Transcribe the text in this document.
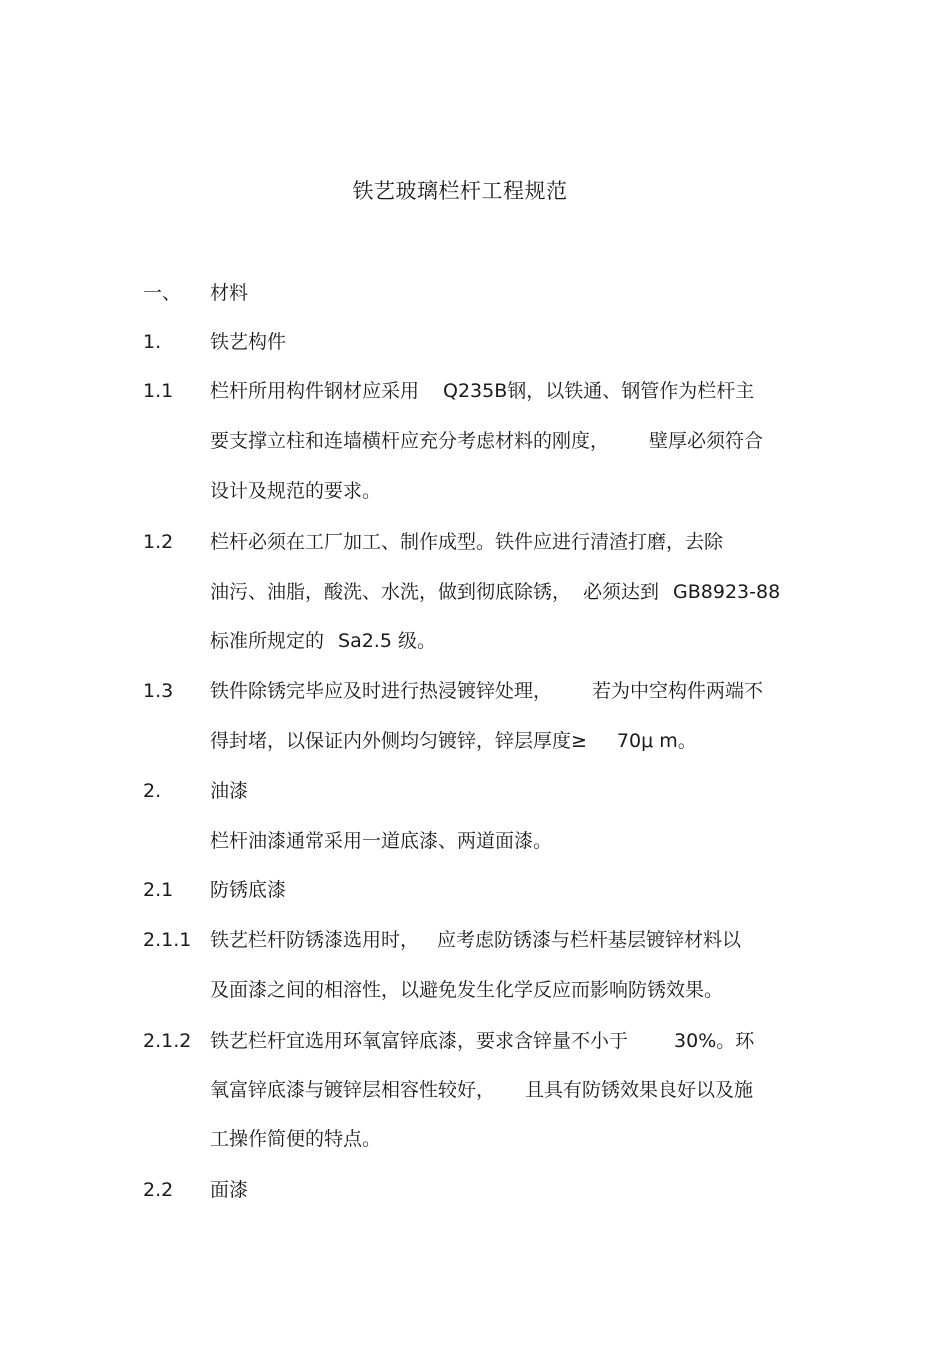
铁艺玻璃栏杆工程规范
一、 材料
1.	铁艺构件
1.1 栏杆所用构件钢材应采用 Q235B钢，以铁通、钢管作为栏杆主
要支撑立柱和连墙横杆应充分考虑材料的刚度， 壁厚必须符合
设计及规范的要求。
1.2 栏杆必须在工厂加工、制作成型。铁件应进行清渣打磨，去除
油污、油脂，酸洗、水洗，做到彻底除锈， 必须达到 GB8923-88
标准所规定的 Sa2.5 级。
1.3 铁件除锈完毕应及时进行热浸镀锌处理， 若为中空构件两端不
得封堵，以保证内外侧均匀镀锌，锌层厚度≥ 70μ m。
2.	油漆
栏杆油漆通常采用一道底漆、两道面漆。
2.1 防锈底漆
2.1.1 铁艺栏杆防锈漆选用时， 应考虑防锈漆与栏杆基层镀锌材料以
及面漆之间的相溶性，以避免发生化学反应而影响防锈效果。
2.1.2 铁艺栏杆宜选用环氧富锌底漆，要求含锌量不小于 30%。环
氧富锌底漆与镀锌层相容性较好， 且具有防锈效果良好以及施
工操作简便的特点。
2.2 面漆
